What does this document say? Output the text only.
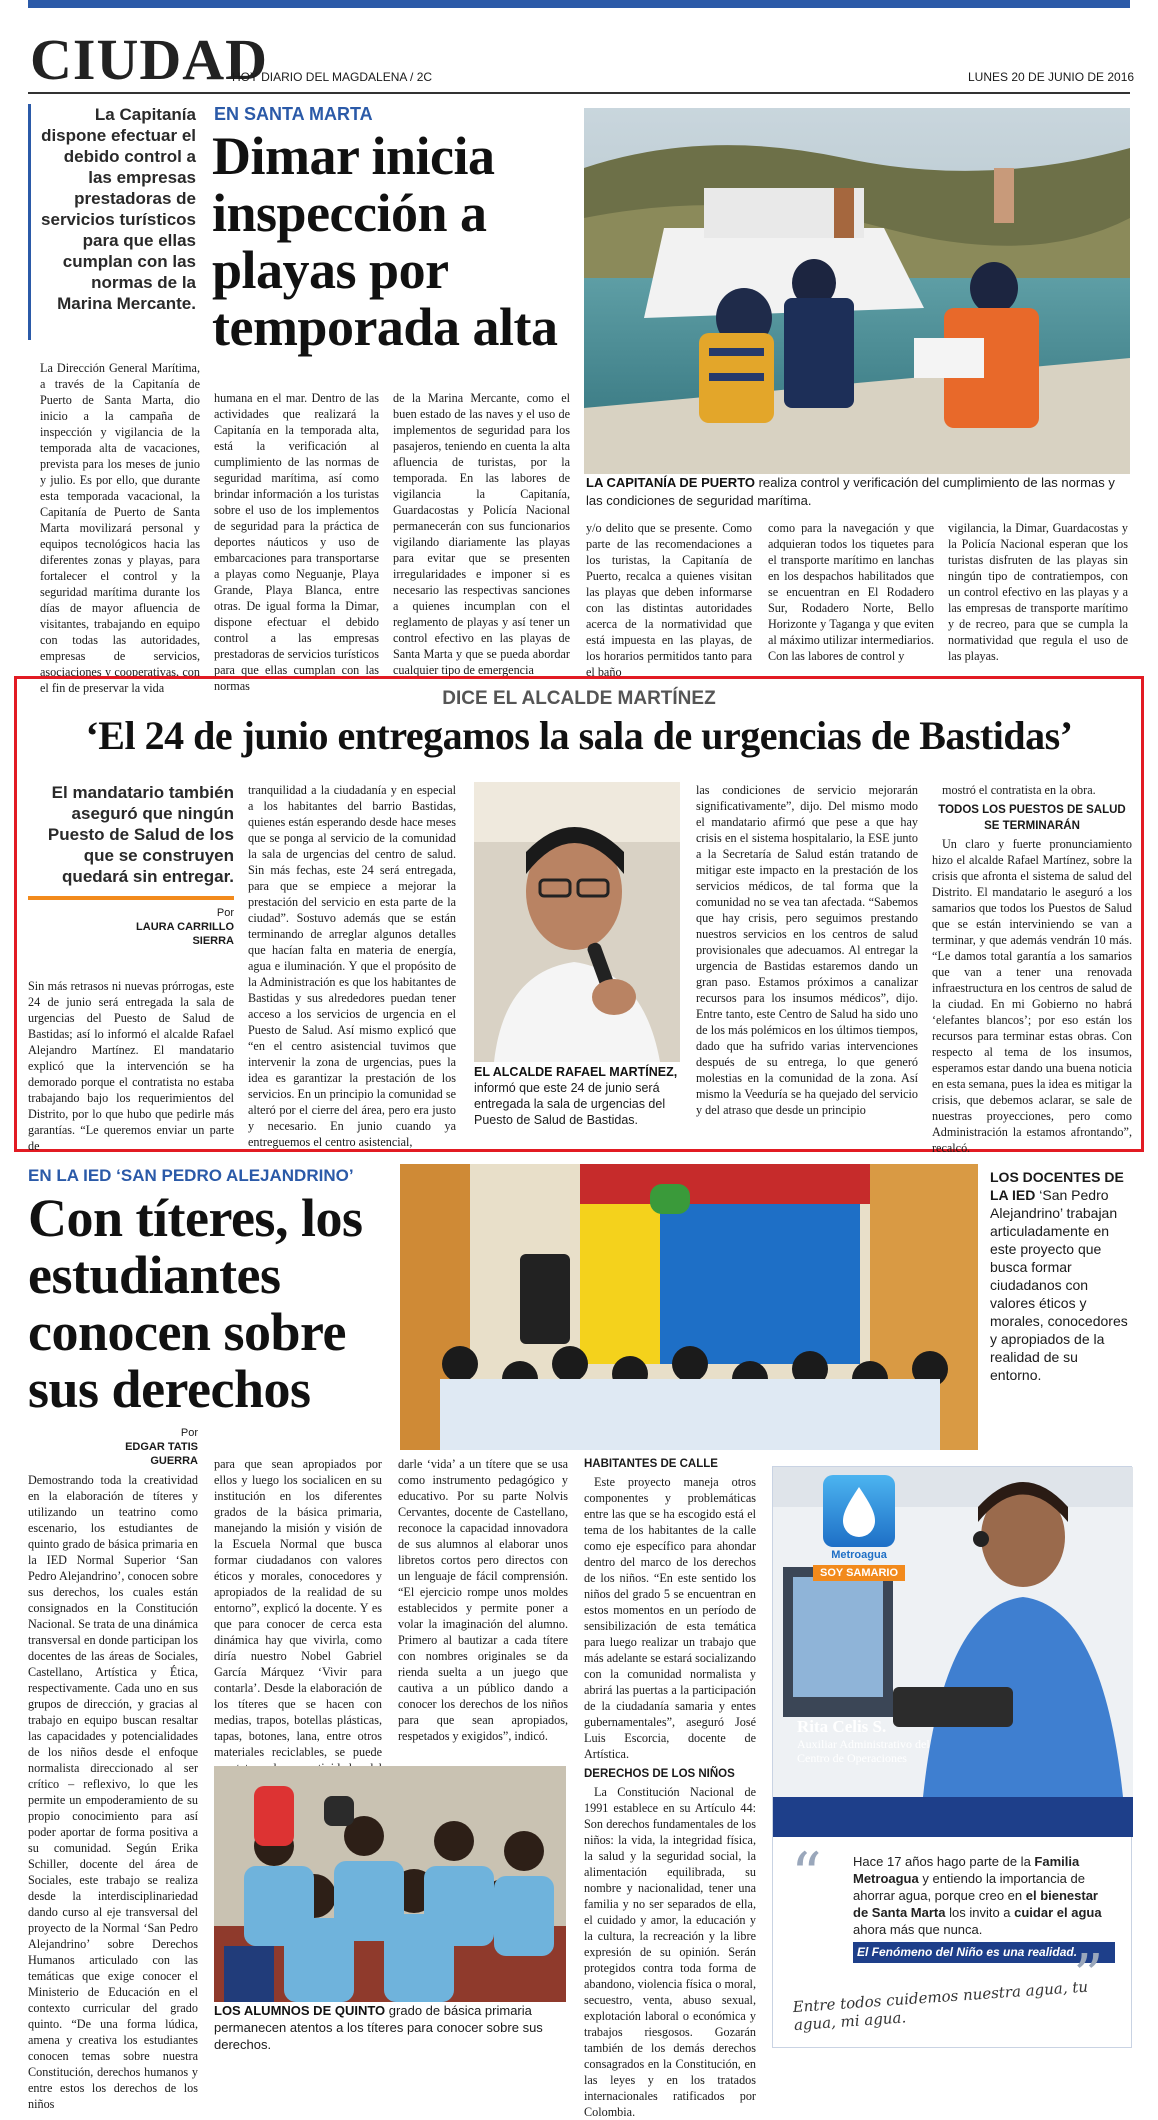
CIUDAD
HOY DIARIO DEL MAGDALENA / 2C	LUNES 20 DE JUNIO DE 2016
La Capitanía dispone efectuar el debido control a las empresas prestadoras de servicios turísticos para que ellas cumplan con las normas de la Marina Mercante.
EN SANTA MARTA
Dimar inicia inspección a playas por temporada alta
La Dirección General Marítima, a través de la Capitanía de Puerto de Santa Marta, dio inicio a la campaña de inspección y vigilancia de la temporada alta de vacaciones, prevista para los meses de junio y julio. Es por ello, que durante esta temporada vacacional, la Capitanía de Puerto de Santa Marta movilizará personal y equipos tecnológicos hacia las diferentes zonas y playas, para fortalecer el control y la seguridad marítima durante los días de mayor afluencia de visitantes, trabajando en equipo con todas las autoridades, empresas de servicios, asociaciones y cooperativas, con el fin de preservar la vida
humana en el mar. Dentro de las actividades que realizará la Capitanía en la temporada alta, está la verificación al cumplimiento de las normas de seguridad marítima, así como brindar información a los turistas sobre el uso de los implementos de seguridad para la práctica de deportes náuticos y uso de embarcaciones para transportarse a playas como Neguanje, Playa Grande, Playa Blanca, entre otras. De igual forma la Dimar, dispone efectuar el debido control a las empresas prestadoras de servicios turísticos para que ellas cumplan con las normas
de la Marina Mercante, como el buen estado de las naves y el uso de implementos de seguridad para los pasajeros, teniendo en cuenta la alta afluencia de turistas, por la temporada. En las labores de vigilancia la Capitanía, Guardacostas y Policía Nacional permanecerán con sus funcionarios vigilando diariamente las playas para evitar que se presenten irregularidades e imponer si es necesario las respectivas sanciones a quienes incumplan con el reglamento de playas y así tener un control efectivo en las playas de Santa Marta y que se pueda abordar cualquier tipo de emergencia
LA CAPITANÍA DE PUERTO realiza control y verificación del cumplimiento de las normas y las condiciones de seguridad marítima.
y/o delito que se presente. Como parte de las recomendaciones a los turistas, la Capitanía de Puerto, recalca a quienes visitan las playas que deben informarse con las distintas autoridades acerca de la normatividad que está impuesta en las playas, de los horarios permitidos tanto para el baño
como para la navegación y que adquieran todos los tiquetes para el transporte marítimo en lanchas en los despachos habilitados que se encuentran en El Rodadero Sur, Rodadero Norte, Bello Horizonte y Taganga y que eviten al máximo utilizar intermediarios. Con las labores de control y
vigilancia, la Dimar, Guardacostas y la Policía Nacional esperan que los turistas disfruten de las playas sin ningún tipo de contratiempos, con un control efectivo en las playas y a las empresas de transporte marítimo y de recreo, para que se cumpla la normatividad que regula el uso de las playas.
DICE EL ALCALDE MARTÍNEZ
‘El 24 de junio entregamos la sala de urgencias de Bastidas’
El mandatario también aseguró que ningún Puesto de Salud de los que se construyen quedará sin entregar.
Por
LAURA CARRILLO SIERRA
Sin más retrasos ni nuevas prórrogas, este 24 de junio será entregada la sala de urgencias del Puesto de Salud de Bastidas; así lo informó el alcalde Rafael Alejandro Martínez. El mandatario explicó que la intervención se ha demorado porque el contratista no estaba trabajando bajo los requerimientos del Distrito, por lo que hubo que pedirle más garantías. “Le queremos enviar un parte de
tranquilidad a la ciudadanía y en especial a los habitantes del barrio Bastidas, quienes están esperando desde hace meses que se ponga al servicio de la comunidad la sala de urgencias del centro de salud. Sin más fechas, este 24 será entregada, para que se empiece a mejorar la prestación del servicio en esta parte de la ciudad”. Sostuvo además que se están terminando de arreglar algunos detalles que hacían falta en materia de energía, agua e iluminación. Y que el propósito de la Administración es que los habitantes de Bastidas y sus alrededores puedan tener acceso a los servicios de urgencia en el Puesto de Salud. Así mismo explicó que “en el centro asistencial tuvimos que intervenir la zona de urgencias, pues la idea es garantizar la prestación de los servicios. En un principio la comunidad se alteró por el cierre del área, pero era justo y necesario. En junio cuando ya entreguemos el centro asistencial,
EL ALCALDE RAFAEL MARTÍNEZ, informó que este 24 de junio será entregada la sala de urgencias del Puesto de Salud de Bastidas.
las condiciones de servicio mejorarán significativamente”, dijo. Del mismo modo el mandatario afirmó que pese a que hay crisis en el sistema hospitalario, la ESE junto a la Secretaría de Salud están tratando de mitigar este impacto en la prestación de los servicios médicos, de tal forma que la comunidad no se vea tan afectada. “Sabemos que hay crisis, pero seguimos prestando nuestros servicios en los centros de salud provisionales que adecuamos. Al entregar la urgencia de Bastidas estaremos dando un gran paso. Estamos próximos a canalizar recursos para los insumos médicos”, dijo. Entre tanto, este Centro de Salud ha sido uno de los más polémicos en los últimos tiempos, dado que ha sufrido varias intervenciones después de su entrega, lo que generó molestias en la comunidad de la zona. Así mismo la Veeduría se ha quejado del servicio y del atraso que desde un principio

mostró el contratista en la obra.

TODOS LOS PUESTOS DE SALUD SE TERMINARÁN

Un claro y fuerte pronunciamiento hizo el alcalde Rafael Martínez, sobre la crisis que afronta el sistema de salud del Distrito. El mandatario le aseguró a los samarios que todos los Puestos de Salud que se están interviniendo se van a terminar, y que además vendrán 10 más. “Le damos total garantía a los samarios que van a tener una renovada infraestructura en los centros de salud de la ciudad. En mi Gobierno no habrá ‘elefantes blancos’; por eso están los recursos para terminar estas obras. Con respecto al tema de los insumos, esperamos estar dando una buena noticia en esta semana, pues la idea es mitigar la crisis, que debemos aclarar, se sale de nuestras proyecciones, pero como Administración la estamos afrontando”, recalcó.

EN LA IED ‘SAN PEDRO ALEJANDRINO’
Con títeres, los estudiantes conocen sobre sus derechos
LOS DOCENTES DE LA IED ‘San Pedro Alejandrino’ trabajan articuladamente en este proyecto que busca formar ciudadanos con valores éticos y morales, conocedores y apropiados de la realidad de su entorno.
Por
EDGAR TATIS GUERRA
Demostrando toda la creatividad en la elaboración de títeres y utilizando un teatrino como escenario, los estudiantes de quinto grado de básica primaria en la IED Normal Superior ‘San Pedro Alejandrino’, conocen sobre sus derechos, los cuales están consignados en la Constitución Nacional. Se trata de una dinámica transversal en donde participan los docentes de las áreas de Sociales, Castellano, Artística y Ética, respectivamente. Cada uno en sus grupos de dirección, y gracias al trabajo en equipo buscan resaltar las capacidades y potencialidades de los niños desde el enfoque normalista direccionado al ser crítico – reflexivo, lo que les permite un empoderamiento de su propio conocimiento para así poder aportar de forma positiva a su comunidad. Según Erika Schiller, docente del área de Sociales, este trabajo se realiza desde la interdisciplinariedad dando curso al eje transversal del proyecto de la Normal ‘San Pedro Alejandrino’ sobre Derechos Humanos articulado con las temáticas que exige conocer el Ministerio de Educación en el contexto curricular del grado quinto. “De una forma lúdica, amena y creativa los estudiantes conocen temas sobre nuestra Constitución, derechos humanos y entre estos los derechos de los niños
para que sean apropiados por ellos y luego los socialicen en su institución en los diferentes grados de la básica primaria, manejando la misión y visión de la Escuela Normal que busca formar ciudadanos con valores éticos y morales, conocedores y apropiados de la realidad de su entorno”, explicó la docente. Y es que para conocer de cerca esta dinámica hay que vivirla, como diría nuestro Nobel Gabriel García Márquez ‘Vivir para contarla’. Desde la elaboración de los títeres que se hacen con medias, trapos, botellas plásticas, tapas, botones, lana, entre otros materiales reciclables, se puede
LOS ALUMNOS DE QUINTO grado de básica primaria permanecen atentos a los títeres para conocer sobre sus derechos.
darle ‘vida’ a un títere que se usa como instrumento pedagógico y educativo. Por su parte Nolvis Cervantes, docente de Castellano, reconoce la capacidad innovadora de sus alumnos al elaborar unos libretos cortos pero directos con un lenguaje de fácil comprensión. “El ejercicio rompe unos moldes establecidos y permite poner a volar la imaginación del alumno. Primero al bautizar a cada títere con nombres originales se da rienda suelta a un juego que cautiva a un público dando a conocer los derechos de los niños para que sean apropiados, respetados y exigidos”, indicó.
HABITANTES DE CALLE

Este proyecto maneja otros componentes y problemáticas entre las que se ha escogido está el tema de los habitantes de la calle como eje específico para ahondar dentro del marco de los derechos de los niños. “En este sentido los niños del grado 5 se encuentran en estos momentos en un período de sensibilización de esta temática para luego realizar un trabajo que más adelante se estará socializando con la comunidad normalista y abrirá las puertas a la participación de la ciudadanía samaria y entes gubernamentales”, aseguró José Luis Escorcia, docente de Artística.

DERECHOS DE LOS NIÑOS

La Constitución Nacional de 1991 establece en su Artículo 44: Son derechos fundamentales de los niños: la vida, la integridad física, la salud y la seguridad social, la alimentación equilibrada, su nombre y nacionalidad, tener una familia y no ser separados de ella, el cuidado y amor, la educación y la cultura, la recreación y la libre expresión de su opinión. Serán protegidos contra toda forma de abandono, violencia física o moral, secuestro, venta, abuso sexual, explotación laboral o económica y trabajos riesgosos. Gozarán también de los demás derechos consagrados en la Constitución, en las leyes y en los tratados internacionales ratificados por Colombia.

Metroagua
SOY SAMARIO
Rita Celis S.
Auxiliar Administrativo del Centro de Operaciones
“ Hace 17 años hago parte de la Familia Metroagua y entiendo la importancia de ahorrar agua, porque creo en el bienestar de Santa Marta los invito a cuidar el agua ahora más que nunca.
El Fenómeno del Niño es una realidad.
”
Entre todos cuidemos nuestra agua, tu agua, mi agua.
